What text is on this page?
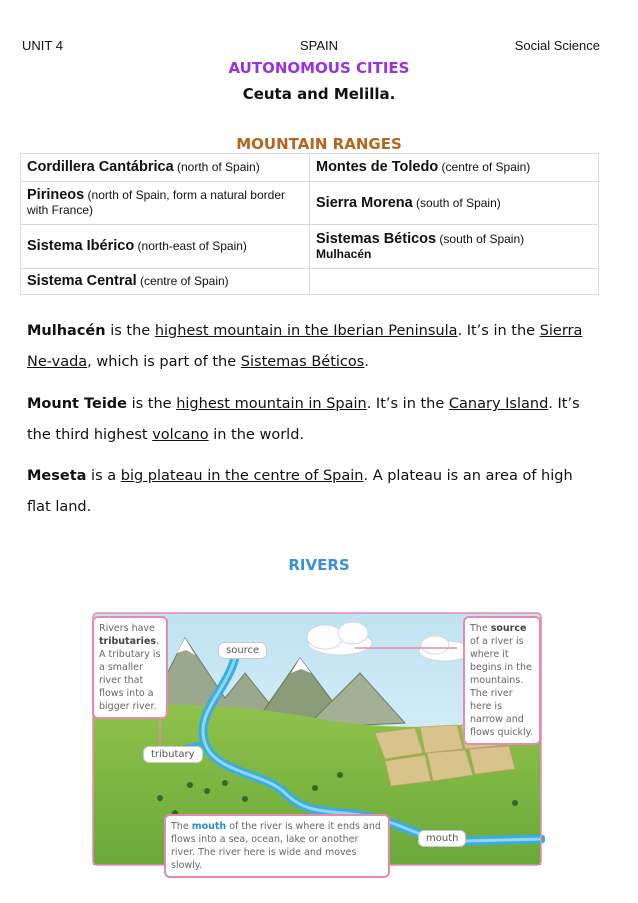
UNIT 4	SPAIN	Social Science
AUTONOMOUS CITIES
Ceuta and Melilla.
MOUNTAIN RANGES
Cordillera Cantábrica (north of Spain)	Montes de Toledo (centre of Spain)
Pirineos (north of Spain, form a natural border with France)	Sierra Morena (south of Spain)
Sistema Ibérico (north-east of Spain)	Sistemas Béticos (south of Spain)
Mulhacén
Sistema Central (centre of Spain)	
Mulhacén is the highest mountain in the Iberian Peninsula. It’s in the Sierra Ne-vada, which is part of the Sistemas Béticos.
Mount Teide is the highest mountain in Spain. It’s in the Canary Island. It’s the third highest volcano in the world.
Meseta is a big plateau in the centre of Spain. A plateau is an area of high flat land.
RIVERS
Rivers have tributaries. A tributary is a smaller river that flows into a bigger river.
The source of a river is where it begins in the mountains. The river here is narrow and flows quickly.
The mouth of the river is where it ends and flows into a sea, ocean, lake or another river. The river here is wide and moves slowly.
source
tributary
mouth
